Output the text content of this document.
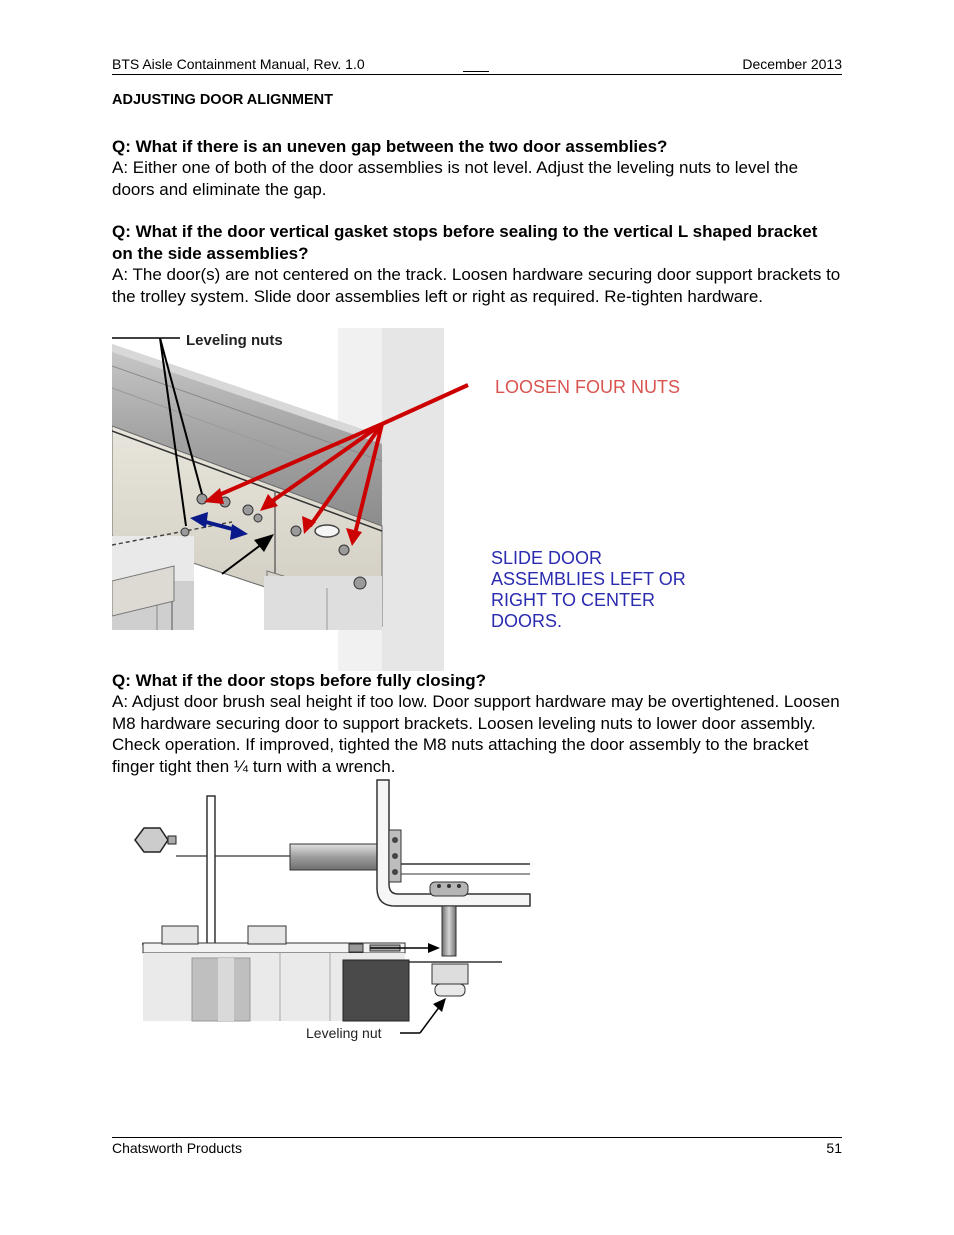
BTS Aisle Containment Manual, Rev. 1.0	December 2013
ADJUSTING DOOR ALIGNMENT
Q: What if there is an uneven gap between the two door assemblies?
A: Either one of both of the door assemblies is not level. Adjust the leveling nuts to level the doors and eliminate the gap.
Q: What if the door vertical gasket stops before sealing to the vertical L shaped bracket on the side assemblies?
A: The door(s) are not centered on the track. Loosen hardware securing door support brackets to the trolley system. Slide door assemblies left or right as required. Re-tighten hardware.
Leveling nuts
LOOSEN FOUR NUTS
SLIDE DOOR
ASSEMBLIES LEFT OR
RIGHT TO CENTER
DOORS.
Q: What if the door stops before fully closing?
A: Adjust door brush seal height if too low. Door support hardware may be overtightened. Loosen M8 hardware securing door to support brackets. Loosen leveling nuts to lower door assembly. Check operation. If improved, tighted the M8 nuts attaching the door assembly to the bracket finger tight then ¼ turn with a wrench.
Leveling nut
Chatsworth Products	51
